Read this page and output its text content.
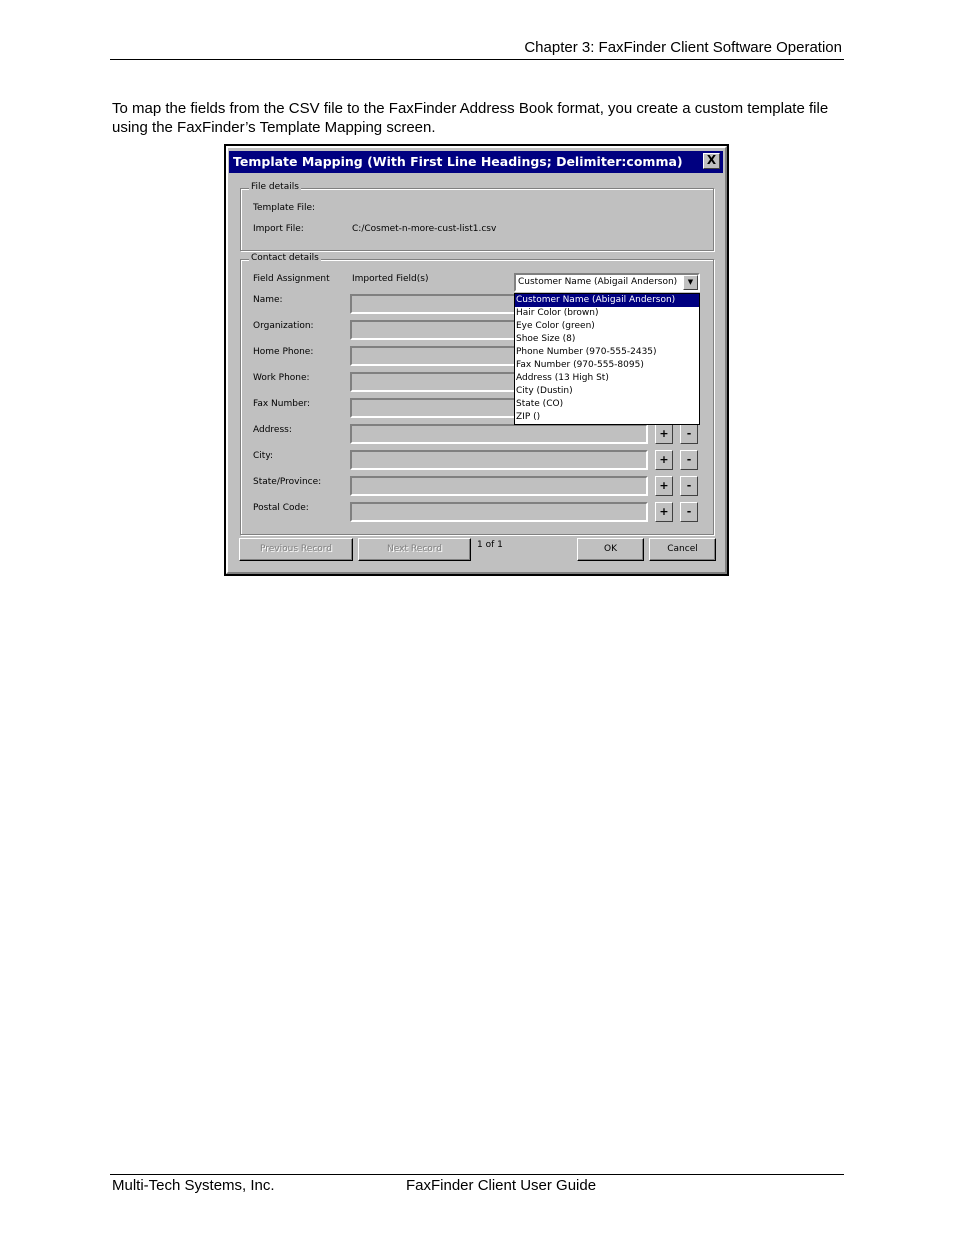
Chapter 3: FaxFinder Client Software Operation
To map the fields from the CSV file to the FaxFinder Address Book format, you create a custom template file using the FaxFinder’s Template Mapping screen.
Template Mapping (With First Line Headings; Delimiter:comma)	X
File details
Template File:
Import File:	C:/Cosmet-n-more-cust-list1.csv
Contact details
Field Assignment Imported Field(s)
Name:
Organization:
Home Phone:
Work Phone:
Fax Number:
Address:
City:
State/Province:
Postal Code:
+	-
+	-
+	-
+	-
Customer Name (Abigail Anderson)	▼
Customer Name (Abigail Anderson)
Hair Color (brown)
Eye Color (green)
Shoe Size (8)
Phone Number (970-555-2435)
Fax Number (970-555-8095)
Address (13 High St)
City (Dustin)
State (CO)
ZIP ()
Previous Record	Next Record	1 of 1	OK	Cancel
Multi-Tech Systems, Inc.	FaxFinder Client User Guide
